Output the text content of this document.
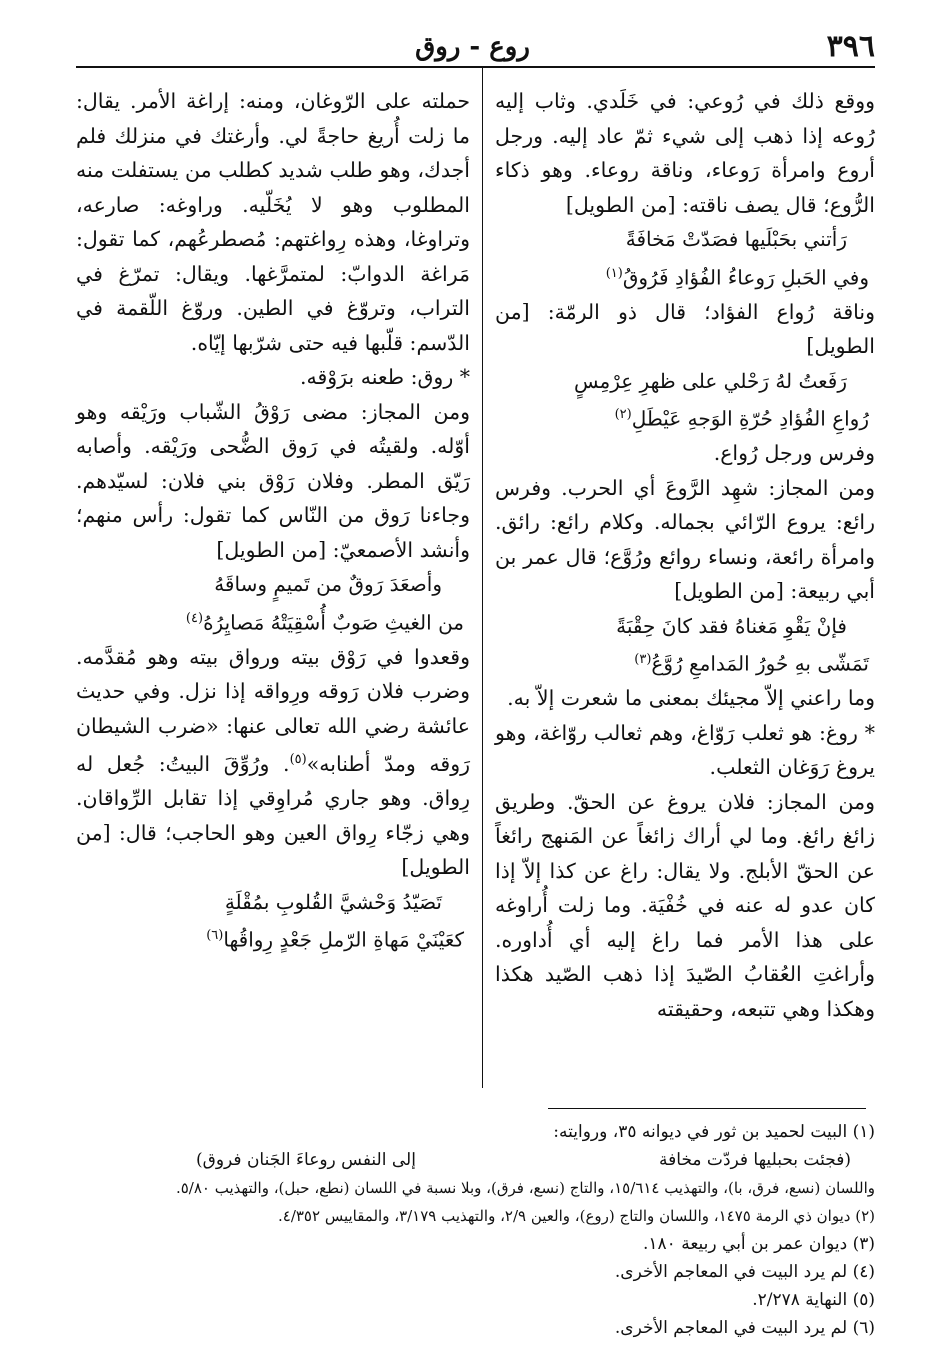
٣٩٦
روع - روق

ووقع ذلك في رُوعي: في خَلَدي. وثاب إليه رُوعه إذا ذهب إلى شيء ثمّ عاد إليه. ورجل أروع وامرأة رَوعاء، وناقة روعاء. وهو ذكاء الرُّوع؛ قال يصف ناقته: [من الطويل]

رَأتني بحَبْلَيها فصَدّتْ مَخافَةً

وفي الحَبلِ رَوعاءُ الفُؤادِ فَرُوقُ$^{(١)}$

وناقة رُواع الفؤاد؛ قال ذو الرمّة: [من الطويل]

رَفَعتُ لهُ رَحْلي على ظهرِ عِرْمِسٍ

رُواعِ الفُؤادِ حُرّةِ الوَجهِ عَيْطَلِ$^{(٢)}$

وفرس ورجل رُواع.

ومن المجاز: شهِد الرَّوعَ أي الحرب. وفرس رائع: يروع الرّائي بجماله. وكلام رائع: رائق. وامرأة رائعة، ونساء روائع ورُوَّع؛ قال عمر بن أبي ربيعة: [من الطويل]

فإنْ يَقْوِ مَغناهُ فقد كانَ حِقْبَةً

تَمَشّى بهِ حُورُ المَدامعِ رُوَّعُ$^{(٣)}$

وما راعني إلاّ مجيئك بمعنى ما شعرت إلاّ به.

* روغ: هو ثعلب رَوّاغ، وهم ثعالب روّاغة، وهو يروغ رَوَغان الثعلب.

ومن المجاز: فلان يروغ عن الحقّ. وطريق زائغ رائغ. وما لي أراك زائغاً عن المَنهج رائغاً عن الحقّ الأبلج. ولا يقال: راغ عن كذا إلاّ إذا كان عدو له عنه في خُفْيَة. وما زلت أُراوغه على هذا الأمر فما راغ إليه أي أُداوره. وأراغتِ العُقابُ الصّيدَ إذا ذهب الصّيد هكذا وهكذا وهي تتبعه، وحقيقته

حملته على الرّوغان، ومنه: إراغة الأمر. يقال: ما زلت أُريغ حاجةً لي. وأرغتك في منزلك فلم أجدك، وهو طلب شديد كطلب من يستفلت منه المطلوب وهو لا يُخَلّيه. وراوغه: صارعه، وتراوغا، وهذه رِواغتهم: مُصطرعُهم، كما تقول: مَراغة الدوابّ: لمتمرَّغها. ويقال: تمرّغ في التراب، وتروّغ في الطين. وروّغ اللّقمة في الدّسم: قلّبها فيه حتى شرّبها إيّاه.

* روق: طعنه برَوْقه.

ومن المجاز: مضى رَوْقُ الشّباب ورَيْقه وهو أوّله. ولقيتُه في رَوق الضُّحى ورَيْقه. وأصابه رَيّق المطر. وفلان رَوْق بني فلان: لسيّدهم. وجاءنا رَوق من النّاس كما تقول: رأس منهم؛ وأنشد الأصمعيّ: [من الطويل]

وأصعَدَ رَوقٌ من تَميمٍ وساقَهُ

من الغيثِ صَوبٌ أُسْقِيَتْهُ مَصايِرُهُ$^{(٤)}$

وقعدوا في رَوْق بيته ورواق بيته وهو مُقدَّمه. وضرب فلان رَوقه ورِواقه إذا نزل. وفي حديث عائشة رضي الله تعالى عنها: «ضرب الشيطان رَوقه ومدّ أطنابه»$^{(٥)}$. ورُوِّقَ البيتُ: جُعل له رِواق. وهو جاري مُراوِقي إذا تقابل الرِّواقان. وهي زجّاء رِواق العين وهو الحاجب؛ قال: [من الطويل]

تَصَيّدُ وَحْشيَّ القُلوبِ بمُقْلَةٍ

كعَيْنَيْ مَهاةِ الرّملِ جَعْدٍ رِواقُها$^{(٦)}$

(١) البيت لحميد بن ثور في ديوانه ٣٥، وروايته:

(فجئت بحبليها فردّت مخافة
إلى النفس روعاءَ الجَنان فروق)

واللسان (نسع، فرق، با)، والتهذيب ١٥/٦١٤، والتاج (نسع، فرق)، وبلا نسبة في اللسان (نطع، حبل)، والتهذيب ٥/٨٠.

(٢) ديوان ذي الرمة ١٤٧٥، واللسان والتاج (روع)، والعين ٢/٩، والتهذيب ٣/١٧٩، والمقاييس ٤/٣٥٢.

(٣) ديوان عمر بن أبي ربيعة ١٨٠.

(٤) لم يرد البيت في المعاجم الأخرى.

(٥) النهاية ٢/٢٧٨.

(٦) لم يرد البيت في المعاجم الأخرى.
